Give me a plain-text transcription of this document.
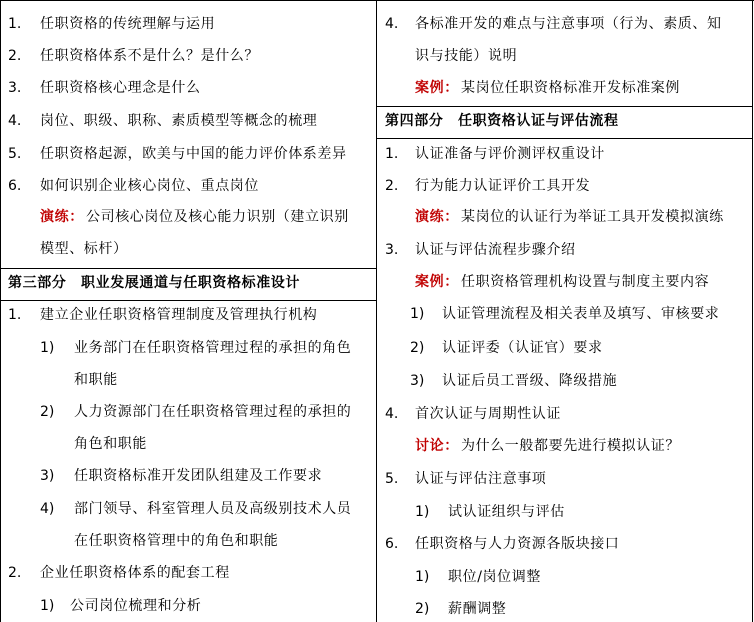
1. 任职资格的传统理解与运用
2. 任职资格体系不是什么？是什么？
3. 任职资格核心理念是什么
4. 岗位、职级、职称、素质模型等概念的梳理
5. 任职资格起源，欧美与中国的能力评价体系差异
6. 如何识别企业核心岗位、重点岗位
演练： 公司核心岗位及核心能力识别（建立识别
模型、标杆）
第三部分　职业发展通道与任职资格标准设计
1. 建立企业任职资格管理制度及管理执行机构
1) 业务部门在任职资格管理过程的承担的角色
和职能
2) 人力资源部门在任职资格管理过程的承担的
角色和职能
3) 任职资格标准开发团队组建及工作要求
4) 部门领导、科室管理人员及高级别技术人员
在任职资格管理中的角色和职能
2. 企业任职资格体系的配套工程
1) 公司岗位梳理和分析
4. 各标准开发的难点与注意事项（行为、素质、知
识与技能）说明
案例： 某岗位任职资格标准开发标准案例
第四部分　任职资格认证与评估流程
1. 认证准备与评价测评权重设计
2. 行为能力认证评价工具开发
演练： 某岗位的认证行为举证工具开发模拟演练
3. 认证与评估流程步骤介绍
案例： 任职资格管理机构设置与制度主要内容
1) 认证管理流程及相关表单及填写、审核要求
2) 认证评委（认证官）要求
3) 认证后员工晋级、降级措施
4. 首次认证与周期性认证
讨论： 为什么一般都要先进行模拟认证？
5. 认证与评估注意事项
1) 试认证组织与评估
6. 任职资格与人力资源各版块接口
1) 职位/岗位调整
2) 薪酬调整
